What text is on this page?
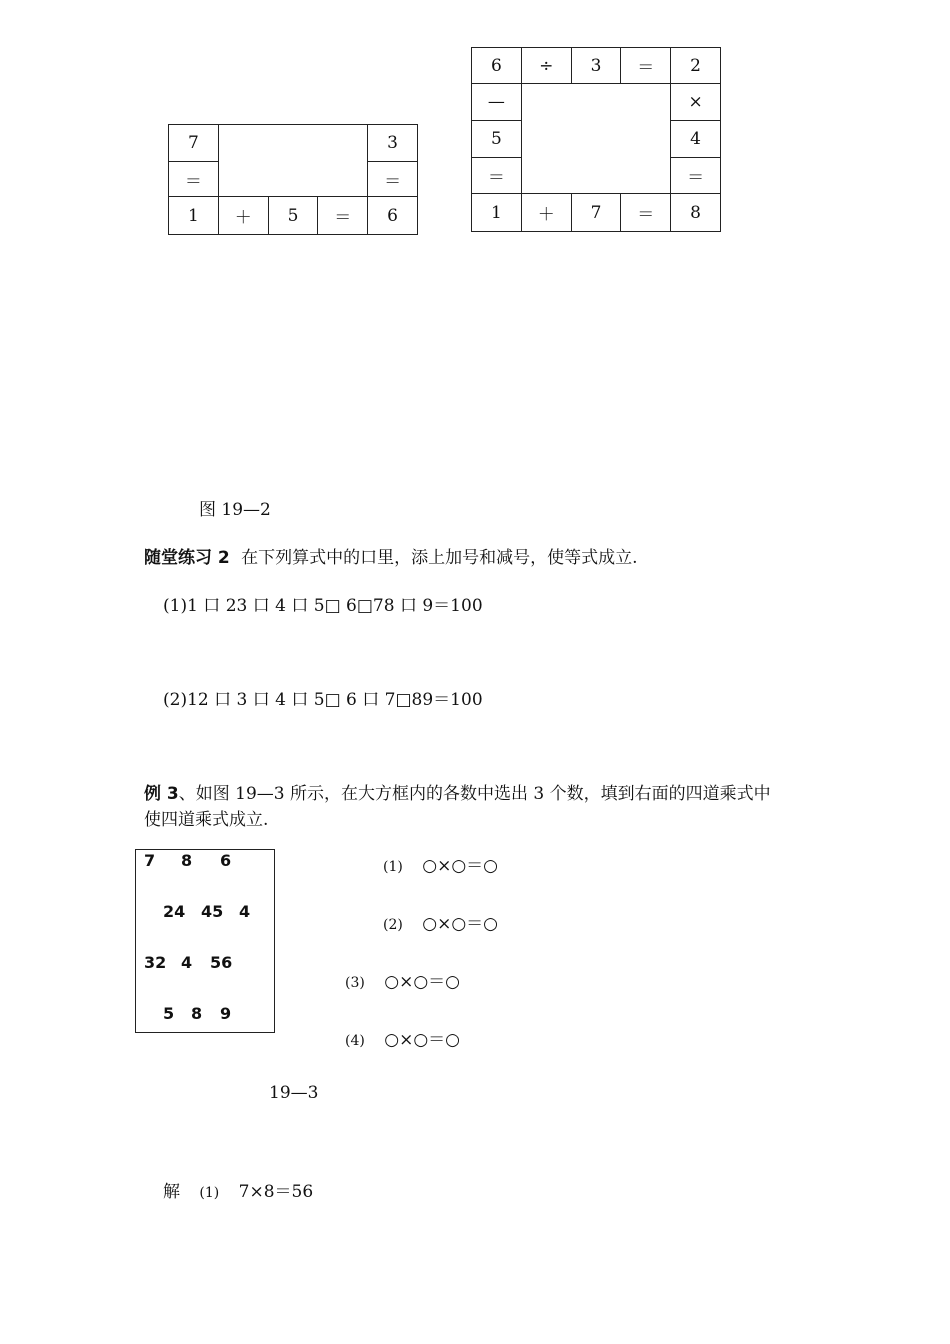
7				3
＝				＝
1	＋	5	＝	6
6	÷	3	＝	2
—				×
5				4
＝				＝
1	＋	7	＝	8
图 19—2
随堂练习 2 在下列算式中的口里，添上加号和减号，使等式成立.
(1)1 口 23 口 4 口 5□ 6□78 口 9＝100
(2)12 口 3 口 4 口 5□ 6 口 7□89＝100
例 3、如图 19—3 所示，在大方框内的各数中选出 3 个数，填到右面的四道乘式中
使四道乘式成立.
7 8 6
24 45 4
32 4 56
5 8 9
(1) ○×○＝○
(2) ○×○＝○
(3) ○×○＝○
(4) ○×○＝○
19—3
解 (1) 7×8＝56
